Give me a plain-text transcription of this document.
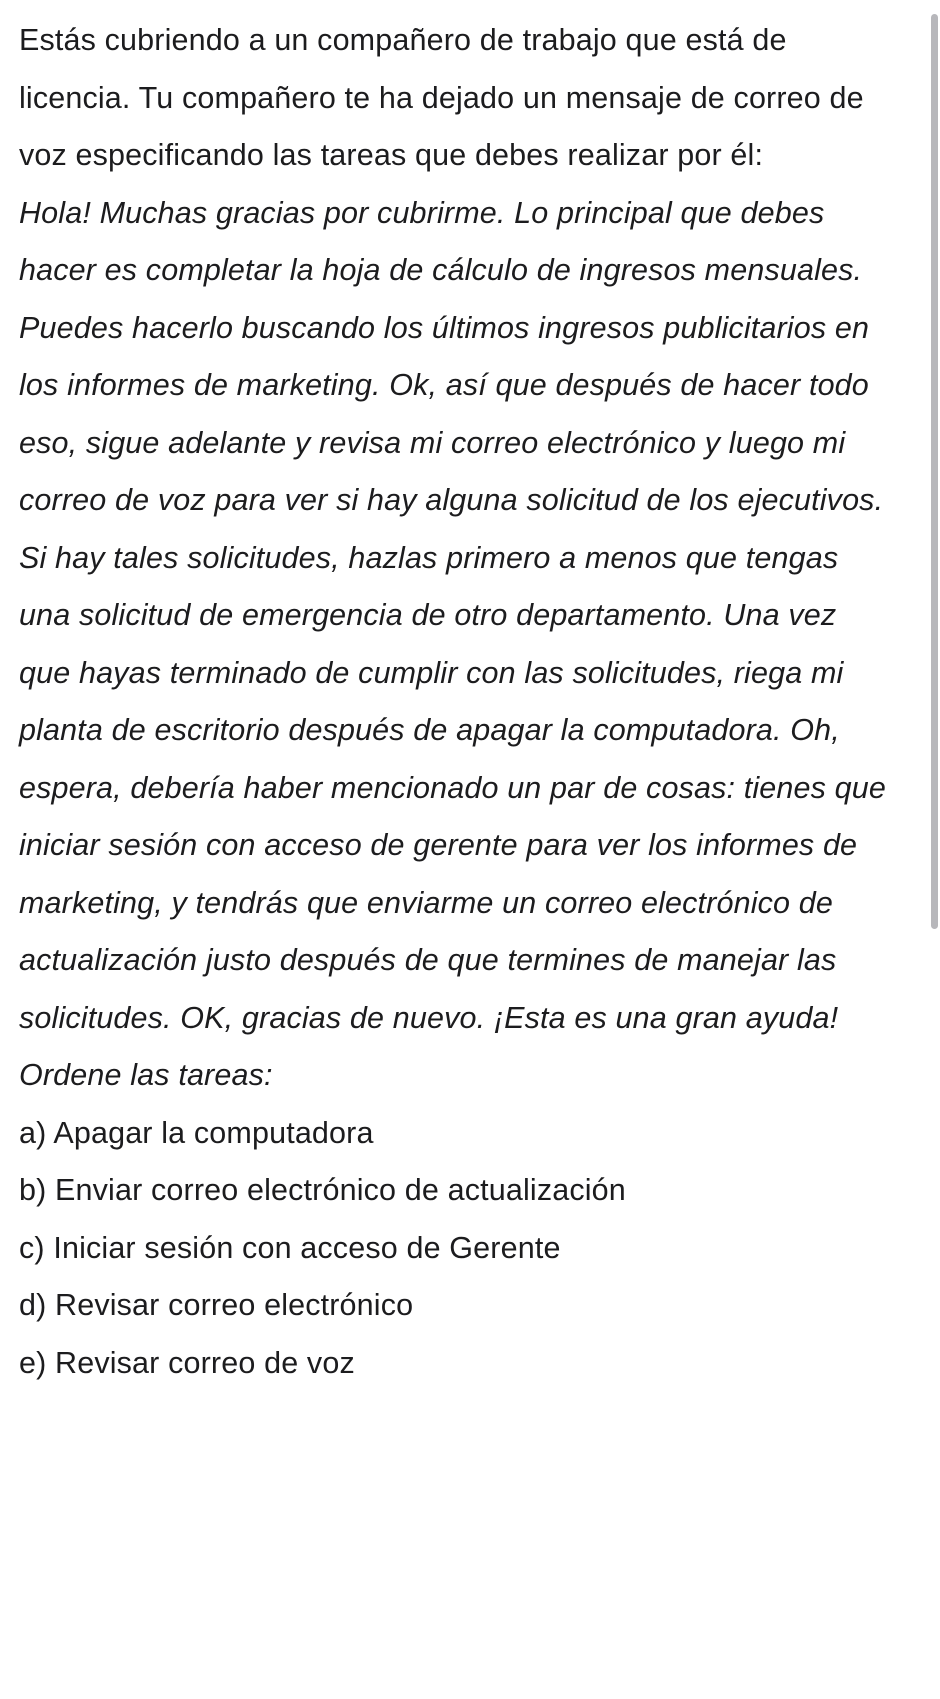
Estás cubriendo a un compañero de trabajo que está de licencia. Tu compañero te ha dejado un mensaje de correo de voz especificando las tareas que debes realizar por él:

Hola! Muchas gracias por cubrirme. Lo principal que debes hacer es completar la hoja de cálculo de ingresos mensuales. Puedes hacerlo buscando los últimos ingresos publicitarios en los informes de marketing. Ok, así que después de hacer todo eso, sigue adelante y revisa mi correo electrónico y luego mi correo de voz para ver si hay alguna solicitud de los ejecutivos. Si hay tales solicitudes, hazlas primero a menos que tengas una solicitud de emergencia de otro departamento. Una vez que hayas terminado de cumplir con las solicitudes, riega mi planta de escritorio después de apagar la computadora. Oh, espera, debería haber mencionado un par de cosas: tienes que iniciar sesión con acceso de gerente para ver los informes de marketing, y tendrás que enviarme un correo electrónico de actualización justo después de que termines de manejar las solicitudes. OK, gracias de nuevo. ¡Esta es una gran ayuda!

Ordene las tareas:

a) Apagar la computadora
b) Enviar correo electrónico de actualización
c) Iniciar sesión con acceso de Gerente
d) Revisar correo electrónico
e) Revisar correo de voz
